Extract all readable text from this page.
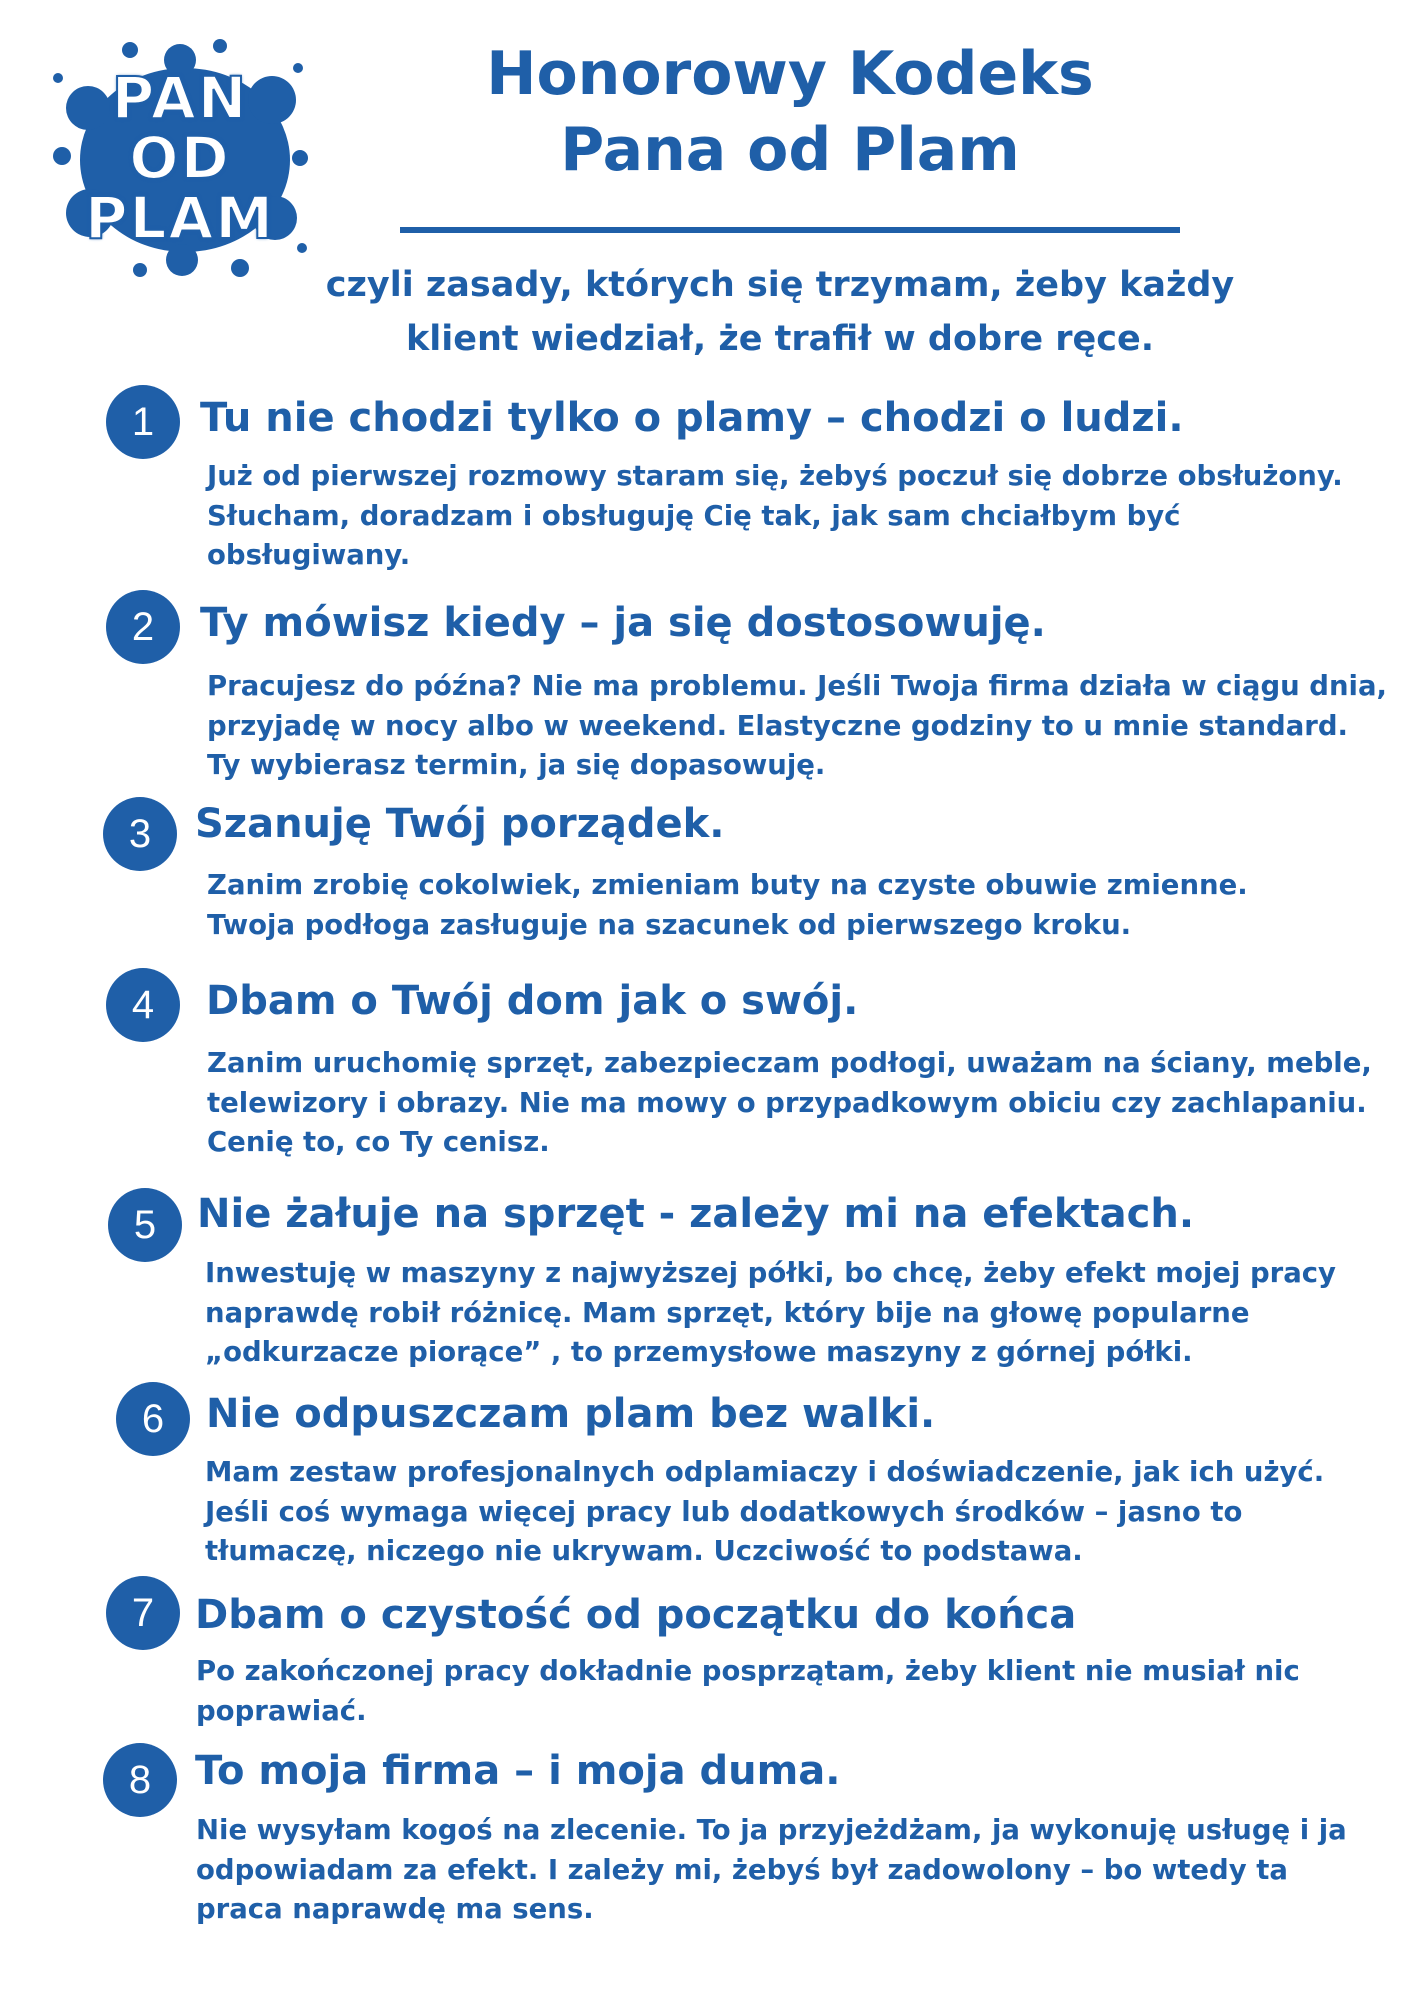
PAN
OD
PLAM
Honorowy Kodeks
Pana od Plam
czyli zasady, których się trzymam, żeby każdy
klient wiedział, że trafił w dobre ręce.
1	Tu nie chodzi tylko o plamy – chodzi o ludzi.
Już od pierwszej rozmowy staram się, żebyś poczuł się dobrze obsłużony.
Słucham, doradzam i obsługuję Cię tak, jak sam chciałbym być
obsługiwany.
2	Ty mówisz kiedy – ja się dostosowuję.
Pracujesz do późna? Nie ma problemu. Jeśli Twoja firma działa w ciągu dnia,
przyjadę w nocy albo w weekend. Elastyczne godziny to u mnie standard.
Ty wybierasz termin, ja się dopasowuję.
3	Szanuję Twój porządek.
Zanim zrobię cokolwiek, zmieniam buty na czyste obuwie zmienne.
Twoja podłoga zasługuje na szacunek od pierwszego kroku.
4	Dbam o Twój dom jak o swój.
Zanim uruchomię sprzęt, zabezpieczam podłogi, uważam na ściany, meble,
telewizory i obrazy. Nie ma mowy o przypadkowym obiciu czy zachlapaniu.
Cenię to, co Ty cenisz.
5	Nie żałuje na sprzęt - zależy mi na efektach.
Inwestuję w maszyny z najwyższej półki, bo chcę, żeby efekt mojej pracy
naprawdę robił różnicę. Mam sprzęt, który bije na głowę popularne
„odkurzacze piorące” , to przemysłowe maszyny z górnej półki.
6	Nie odpuszczam plam bez walki.
Mam zestaw profesjonalnych odplamiaczy i doświadczenie, jak ich użyć.
Jeśli coś wymaga więcej pracy lub dodatkowych środków – jasno to
tłumaczę, niczego nie ukrywam. Uczciwość to podstawa.
7	Dbam o czystość od początku do końca
Po zakończonej pracy dokładnie posprzątam, żeby klient nie musiał nic
poprawiać.
8	To moja firma – i moja duma.
Nie wysyłam kogoś na zlecenie. To ja przyjeżdżam, ja wykonuję usługę i ja
odpowiadam za efekt. I zależy mi, żebyś był zadowolony – bo wtedy ta
praca naprawdę ma sens.
